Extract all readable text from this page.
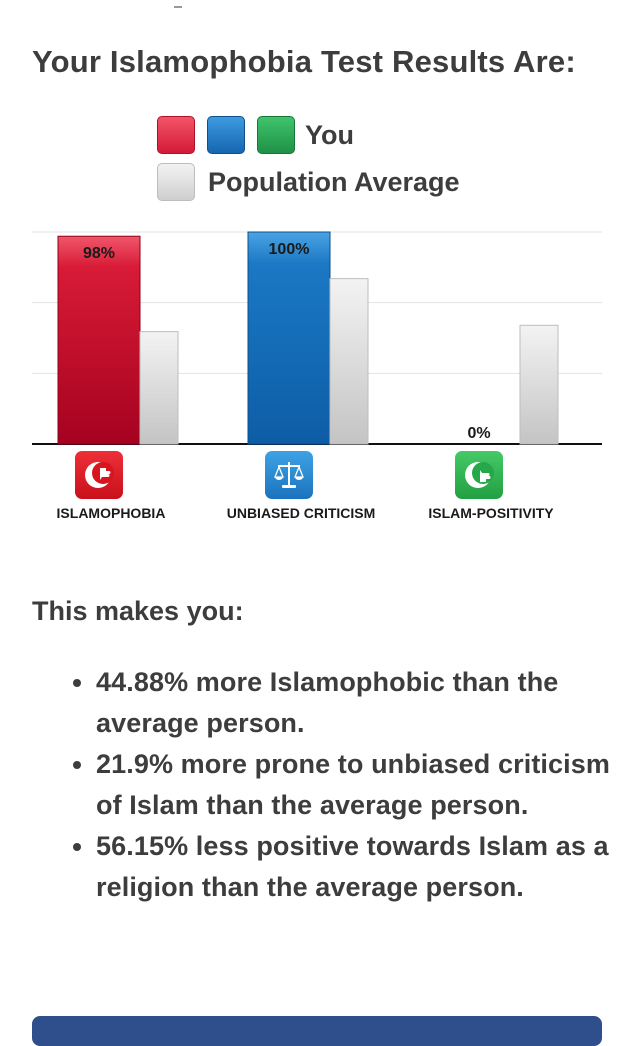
Your Islamophobia Test Results Are:
You
Population Average
98%
ISLAMOPHOBIA
100%
UNBIASED CRITICISM
0%
ISLAM-POSITIVITY
This makes you:
• 44.88% more Islamophobic than the average person.
• 21.9% more prone to unbiased criticism of Islam than the average person.
• 56.15% less positive towards Islam as a religion than the average person.
